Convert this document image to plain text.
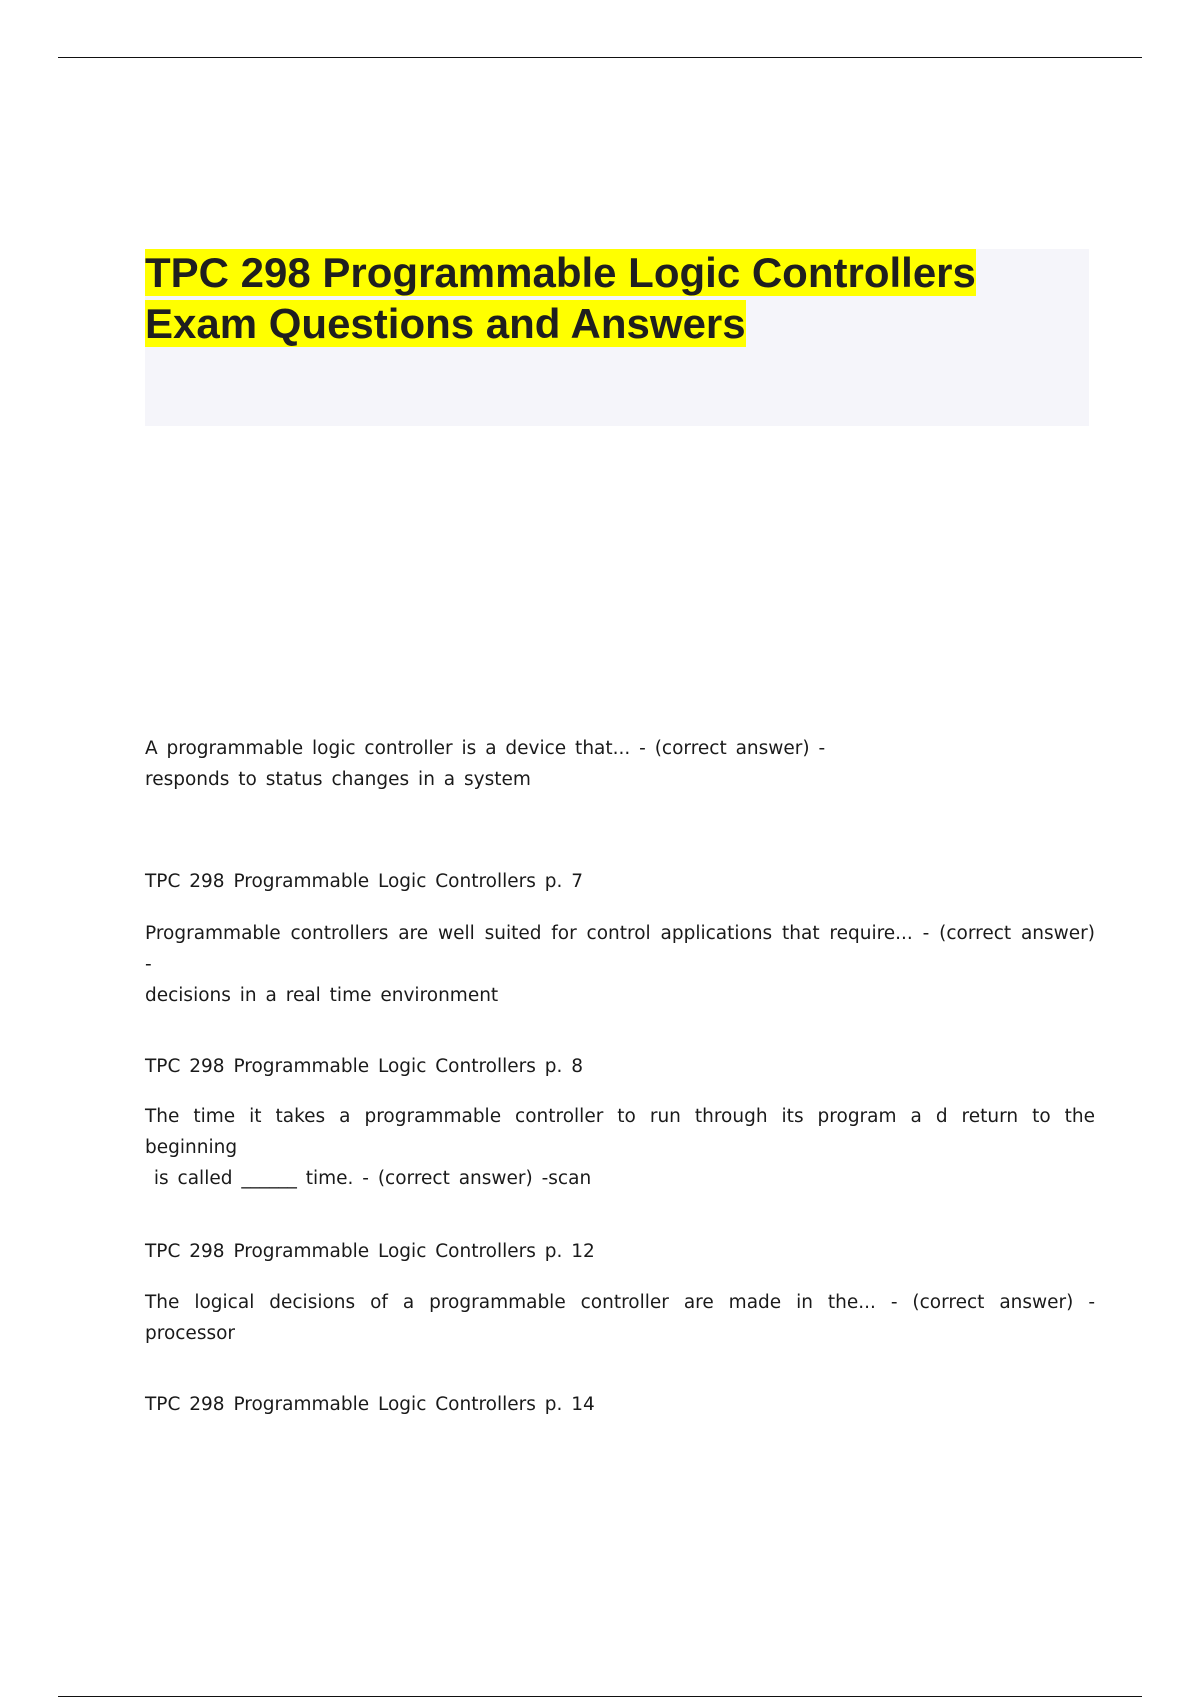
TPC 298 Programmable Logic Controllers
Exam Questions and Answers

A programmable logic controller is a device that... - (correct answer) -
responds to status changes in a system

TPC 298 Programmable Logic Controllers p. 7

Programmable controllers are well suited for control applications that require... - (correct answer) -
decisions in a real time environment

TPC 298 Programmable Logic Controllers p. 8

The time it takes a programmable controller to run through its program a d return to the beginning
is called ______ time. - (correct answer) -scan

TPC 298 Programmable Logic Controllers p. 12

The logical decisions of a programmable controller are made in the... - (correct answer) -processor

TPC 298 Programmable Logic Controllers p. 14
